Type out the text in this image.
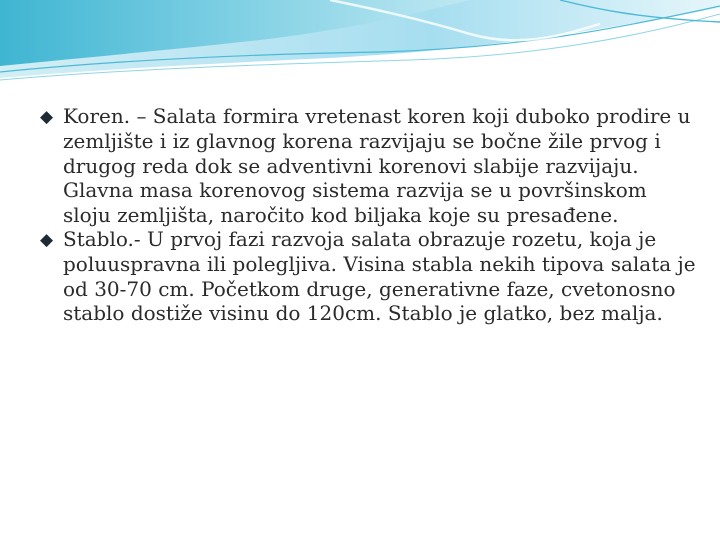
◆ Koren. – Salata formira vretenast koren koji duboko prodire u zemljište i iz glavnog korena razvijaju se bočne žile prvog i drugog reda dok se adventivni korenovi slabije razvijaju. Glavna masa korenovog sistema razvija se u površinskom sloju zemljišta, naročito kod biljaka koje su presađene.

◆ Stablo.- U prvoj fazi razvoja salata obrazuje rozetu, koja je poluuspravna ili polegljiva. Visina stabla nekih tipova salata je od 30-70 cm. Početkom druge, generativne faze, cvetonosno stablo dostiže visinu do 120cm. Stablo je glatko, bez malja.
